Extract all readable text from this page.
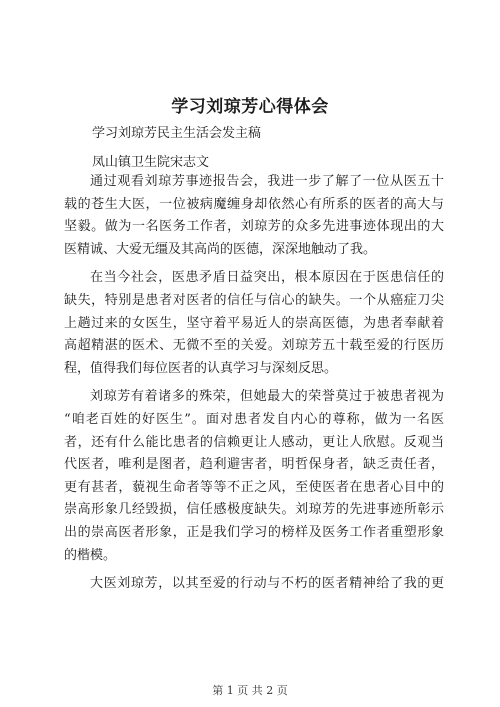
学习刘琼芳心得体会
学习刘琼芳民主生活会发主稿
凤山镇卫生院宋志文
通过观看刘琼芳事迹报告会，我进一步了解了一位从医五十
载的苍生大医，一位被病魔缠身却依然心有所系的医者的高大与
坚毅。做为一名医务工作者，刘琼芳的众多先进事迹体现出的大
医精诚、大爱无缰及其高尚的医德，深深地触动了我。
在当今社会，医患矛盾日益突出，根本原因在于医患信任的
缺失，特别是患者对医者的信任与信心的缺失。一个从癌症刀尖
上趟过来的女医生，坚守着平易近人的崇高医德，为患者奉献着
高超精湛的医术、无微不至的关爱。刘琼芳五十载至爱的行医历
程，值得我们每位医者的认真学习与深刻反思。
刘琼芳有着诸多的殊荣，但她最大的荣誉莫过于被患者视为
“咱老百姓的好医生”。面对患者发自内心的尊称，做为一名医
者，还有什么能比患者的信赖更让人感动，更让人欣慰。反观当
代医者，唯利是图者，趋利避害者，明哲保身者，缺乏责任者，
更有甚者，藐视生命者等等不正之风，至使医者在患者心目中的
崇高形象几经毁损，信任感极度缺失。刘琼芳的先进事迹所彰示
出的崇高医者形象，正是我们学习的榜样及医务工作者重塑形象
的楷模。
大医刘琼芳，以其至爱的行动与不朽的医者精神给了我的更
第 1 页 共 2 页
